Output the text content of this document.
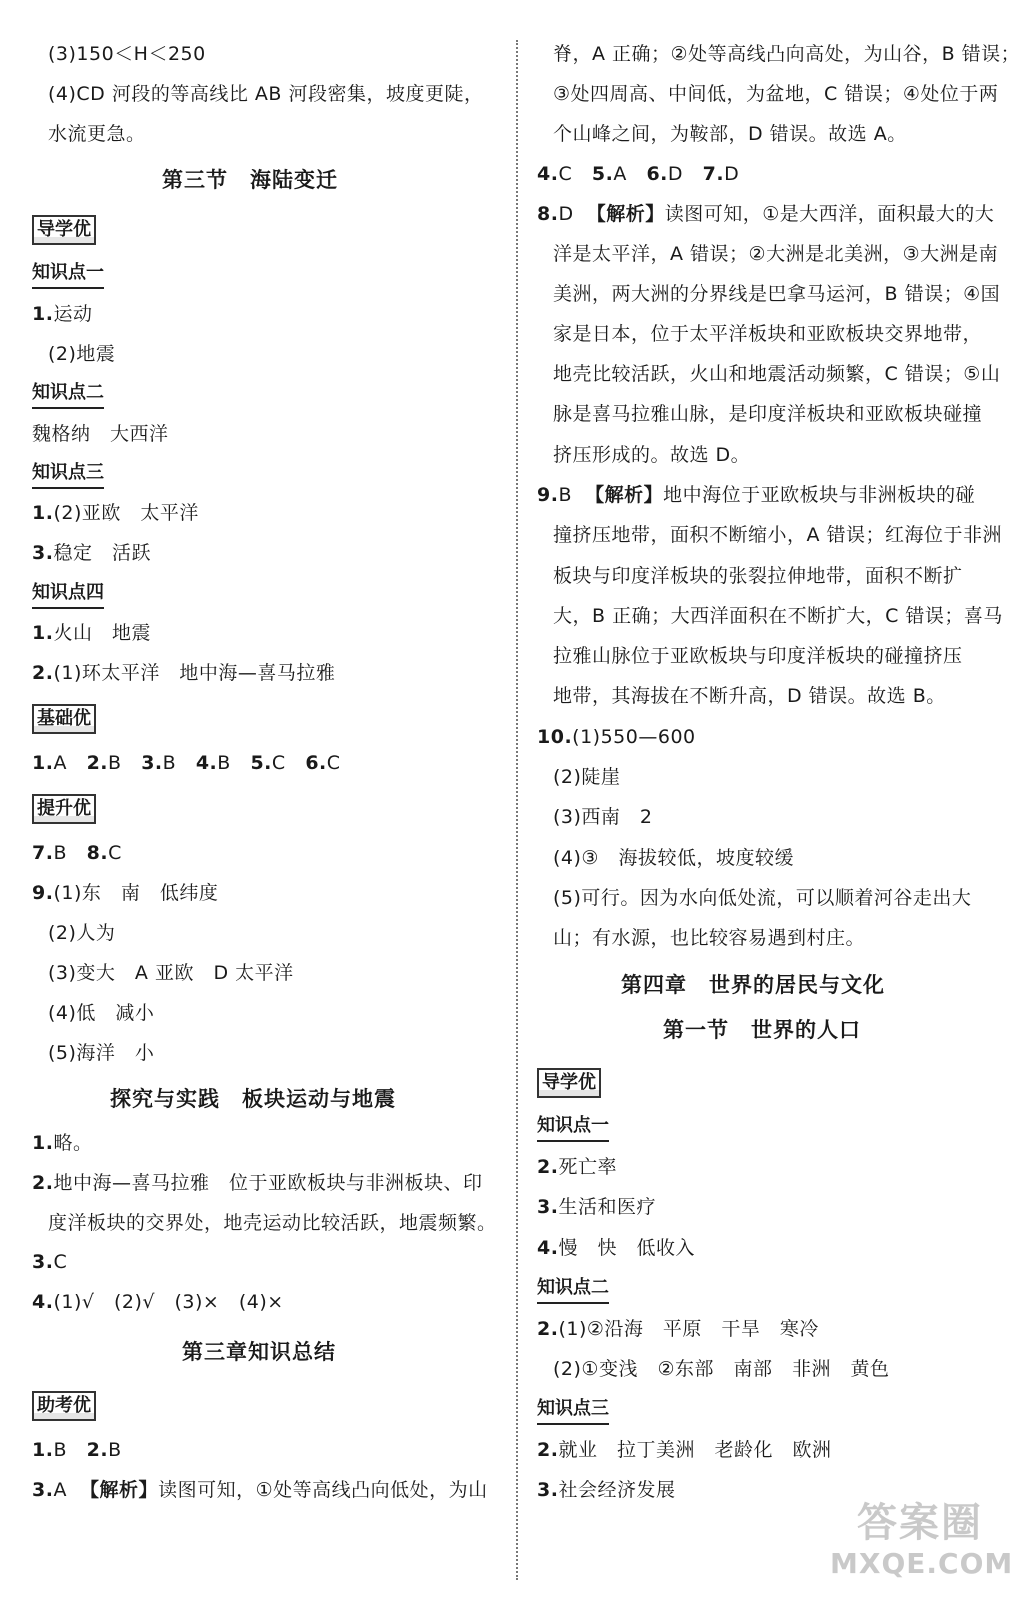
(3)150＜H＜250
(4)CD 河段的等高线比 AB 河段密集，坡度更陡，
水流更急。
第三节　海陆变迁
导学优
知识点一
1.运动
(2)地震
知识点二
魏格纳　大西洋
知识点三
1.(2)亚欧　太平洋
3.稳定　活跃
知识点四
1.火山　地震
2.(1)环太平洋　地中海—喜马拉雅
基础优
1.A 2.B 3.B 4.B 5.C 6.C
提升优
7.B 8.C
9.(1)东　南　低纬度
(2)人为
(3)变大　A 亚欧　D 太平洋
(4)低　减小
(5)海洋　小
探究与实践　板块运动与地震
1.略。
2.地中海—喜马拉雅　位于亚欧板块与非洲板块、印
度洋板块的交界处，地壳运动比较活跃，地震频繁。
3.C
4.(1)√　(2)√　(3)×　(4)×
第三章知识总结
助考优
1.B 2.B
3.A 【解析】读图可知，①处等高线凸向低处，为山
脊，A 正确；②处等高线凸向高处，为山谷，B 错误；
③处四周高、中间低，为盆地，C 错误；④处位于两
个山峰之间，为鞍部，D 错误。故选 A。
4.C 5.A 6.D 7.D
8.D 【解析】读图可知，①是大西洋，面积最大的大
洋是太平洋，A 错误；②大洲是北美洲，③大洲是南
美洲，两大洲的分界线是巴拿马运河，B 错误；④国
家是日本，位于太平洋板块和亚欧板块交界地带，
地壳比较活跃，火山和地震活动频繁，C 错误；⑤山
脉是喜马拉雅山脉，是印度洋板块和亚欧板块碰撞
挤压形成的。故选 D。
9.B 【解析】地中海位于亚欧板块与非洲板块的碰
撞挤压地带，面积不断缩小，A 错误；红海位于非洲
板块与印度洋板块的张裂拉伸地带，面积不断扩
大，B 正确；大西洋面积在不断扩大，C 错误；喜马
拉雅山脉位于亚欧板块与印度洋板块的碰撞挤压
地带，其海拔在不断升高，D 错误。故选 B。
10.(1)550—600
(2)陡崖
(3)西南　2
(4)③　海拔较低，坡度较缓
(5)可行。因为水向低处流，可以顺着河谷走出大
山；有水源，也比较容易遇到村庄。
第四章　世界的居民与文化
第一节　世界的人口
导学优
知识点一
2.死亡率
3.生活和医疗
4.慢　快　低收入
知识点二
2.(1)②沿海　平原　干旱　寒冷
(2)①变浅　②东部　南部　非洲　黄色
知识点三
2.就业　拉丁美洲　老龄化　欧洲
3.社会经济发展
答案圈
MXQE.COM
